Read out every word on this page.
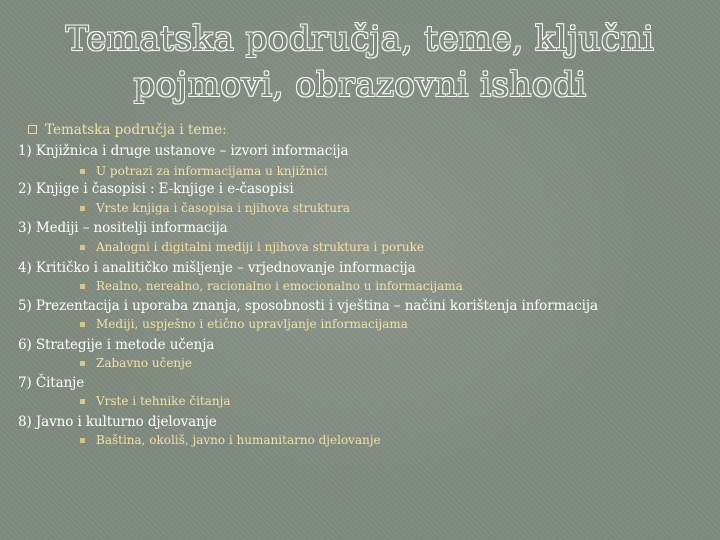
Tematska područja, teme, ključni
pojmovi, obrazovni ishodi
Tematska područja i teme:
1) Knjižnica i druge ustanove – izvori informacija
U potrazi za informacijama u knjižnici
2) Knjige i časopisi : E-knjige i e-časopisi
Vrste knjiga i časopisa i njihova struktura
3) Mediji – nositelji informacija
Analogni i digitalni mediji i njihova struktura i poruke
4) Kritičko i analitičko mišljenje – vrjednovanje informacija
Realno, nerealno, racionalno i emocionalno u informacijama
5) Prezentacija i uporaba znanja, sposobnosti i vještina – načini korištenja informacija
Mediji, uspješno i etično upravljanje informacijama
6) Strategije i metode učenja
Zabavno učenje
7) Čitanje
Vrste i tehnike čitanja
8) Javno i kulturno djelovanje
Baština, okoliš, javno i humanitarno djelovanje
